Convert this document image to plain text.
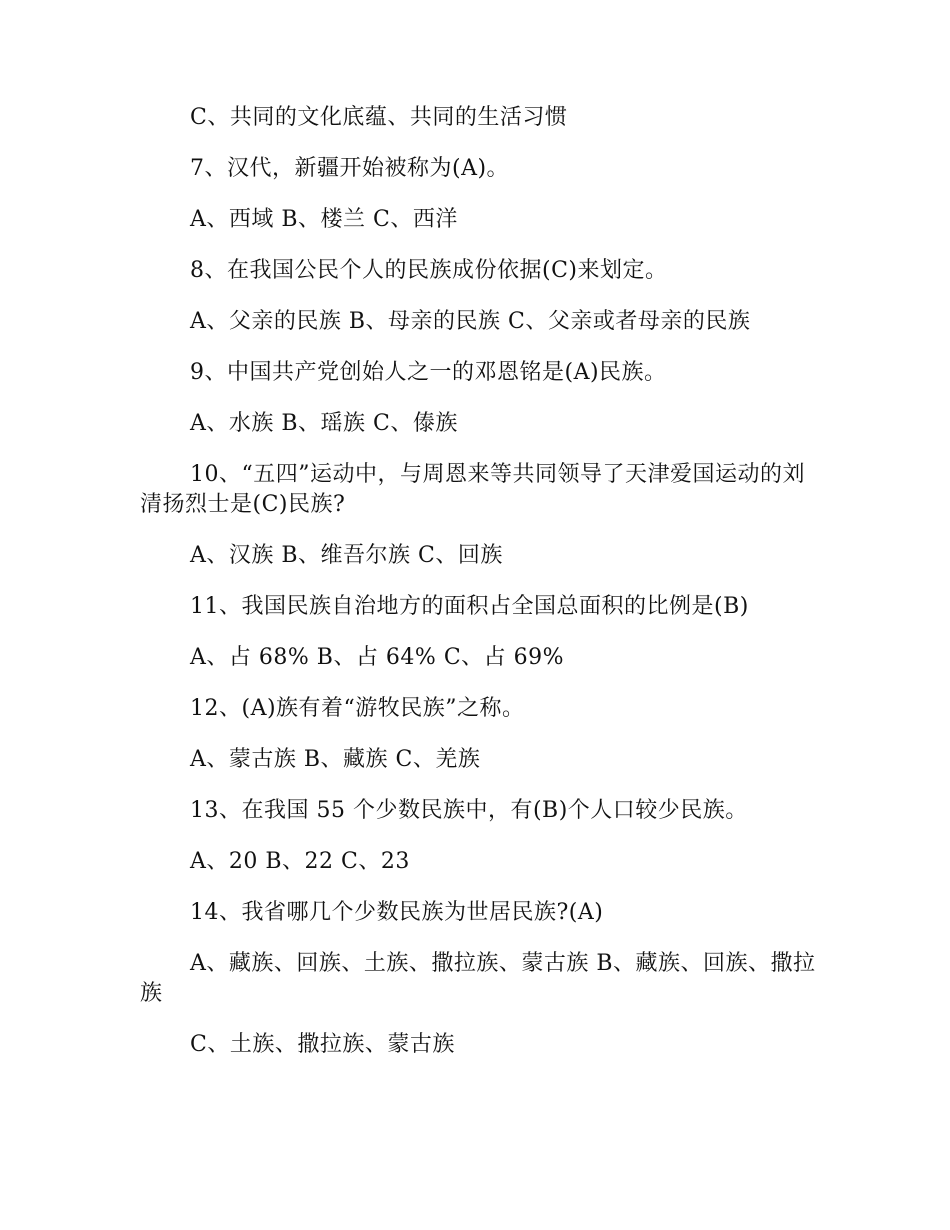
C、共同的文化底蕴、共同的生活习惯

7、汉代，新疆开始被称为(A)。

A、西域 B、楼兰 C、西洋

8、在我国公民个人的民族成份依据(C)来划定。

A、父亲的民族 B、母亲的民族 C、父亲或者母亲的民族

9、中国共产党创始人之一的邓恩铭是(A)民族。

A、水族 B、瑶族 C、傣族

10、“五四”运动中，与周恩来等共同领导了天津爱国运动的刘清扬烈士是(C)民族?

A、汉族 B、维吾尔族 C、回族

11、我国民族自治地方的面积占全国总面积的比例是(B)

A、占 68% B、占 64% C、占 69%

12、(A)族有着“游牧民族”之称。

A、蒙古族 B、藏族 C、羌族

13、在我国 55 个少数民族中，有(B)个人口较少民族。

A、20 B、22 C、23

14、我省哪几个少数民族为世居民族?(A)

A、藏族、回族、土族、撒拉族、蒙古族 B、藏族、回族、撒拉族

C、土族、撒拉族、蒙古族
